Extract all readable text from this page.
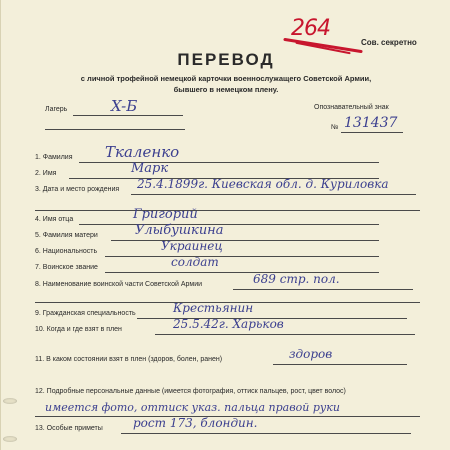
264
Сов. секретно
ПЕРЕВОД
с личной трофейной немецкой карточки военнослужащего Советской Армии,
бывшего в немецком плену.
Лагерь	X-Б	Опознавательный знак
№ 131437
1. Фамилия Ткаленко
2. Имя	Марк
3. Дата и место рождения 25.4.1899г. Киевская обл. д. Куриловка
4. Имя отца	Григорий
5. Фамилия матери	Улыбушкина
6. Национальность	Украинец
7. Воинское звание	солдат
8. Наименование воинской части Советской Армии	689 стр. пол.
9. Гражданская специальность	Крестьянин
10. Когда и где взят в плен	25.5.42г. Харьков
11. В каком состоянии взят в плен (здоров, болен, ранен)	здоров
12. Подробные персональные данные (имеется фотография, оттиск пальцев, рост, цвет волос)
имеется фото, оттиск указ. пальца правой руки
13. Особые приметы	рост 173, блондин.
